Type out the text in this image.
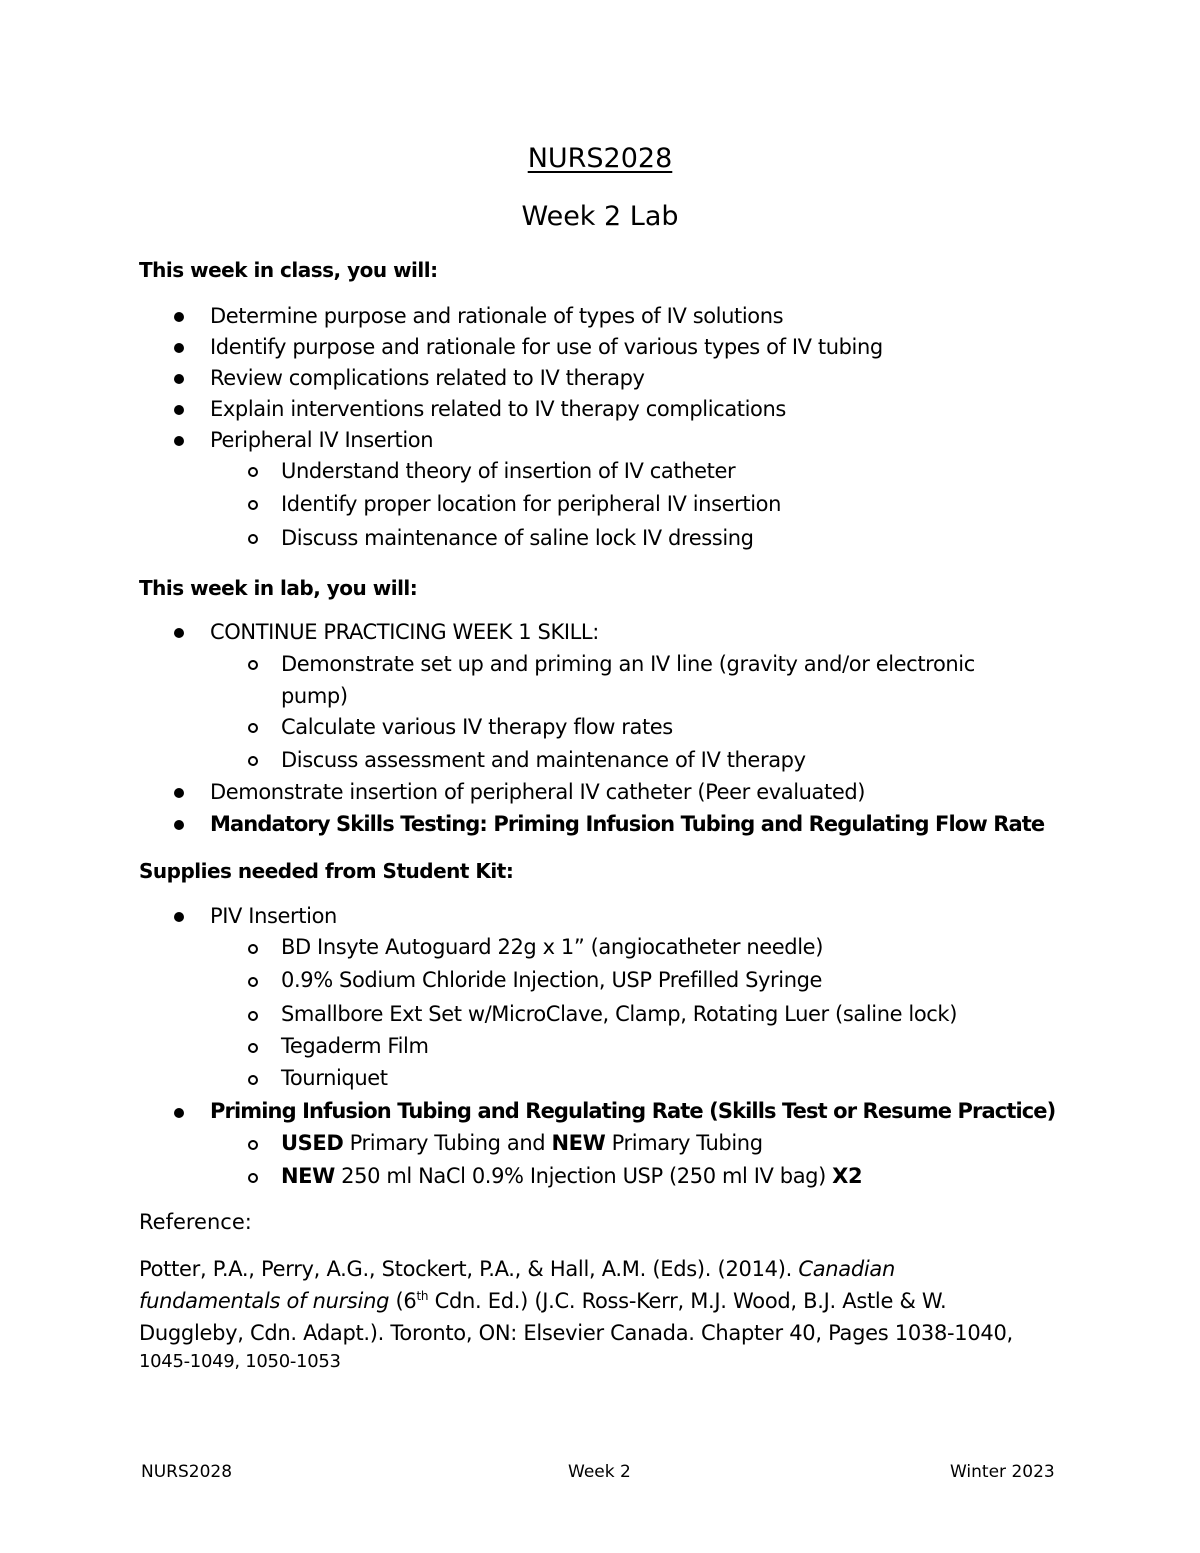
NURS2028
Week 2 Lab
This week in class, you will:
Determine purpose and rationale of types of IV solutions
Identify purpose and rationale for use of various types of IV tubing
Review complications related to IV therapy
Explain interventions related to IV therapy complications
Peripheral IV Insertion
Understand theory of insertion of IV catheter
Identify proper location for peripheral IV insertion
Discuss maintenance of saline lock IV dressing
This week in lab, you will:
CONTINUE PRACTICING WEEK 1 SKILL:
Demonstrate set up and priming an IV line (gravity and/or electronic
pump)
Calculate various IV therapy flow rates
Discuss assessment and maintenance of IV therapy
Demonstrate insertion of peripheral IV catheter (Peer evaluated)
Mandatory Skills Testing: Priming Infusion Tubing and Regulating Flow Rate
Supplies needed from Student Kit:
PIV Insertion
BD Insyte Autoguard 22g x 1” (angiocatheter needle)
0.9% Sodium Chloride Injection, USP Prefilled Syringe
Smallbore Ext Set w/MicroClave, Clamp, Rotating Luer (saline lock)
Tegaderm Film
Tourniquet
Priming Infusion Tubing and Regulating Rate (Skills Test or Resume Practice)
USED Primary Tubing and NEW Primary Tubing
NEW 250 ml NaCl 0.9% Injection USP (250 ml IV bag) X2
Reference:
Potter, P.A., Perry, A.G., Stockert, P.A., & Hall, A.M. (Eds). (2014). Canadian
fundamentals of nursing (6th Cdn. Ed.) (J.C. Ross-Kerr, M.J. Wood, B.J. Astle & W.
Duggleby, Cdn. Adapt.). Toronto, ON: Elsevier Canada. Chapter 40, Pages 1038-1040,
1045-1049, 1050-1053
NURS2028	Week 2	Winter 2023
